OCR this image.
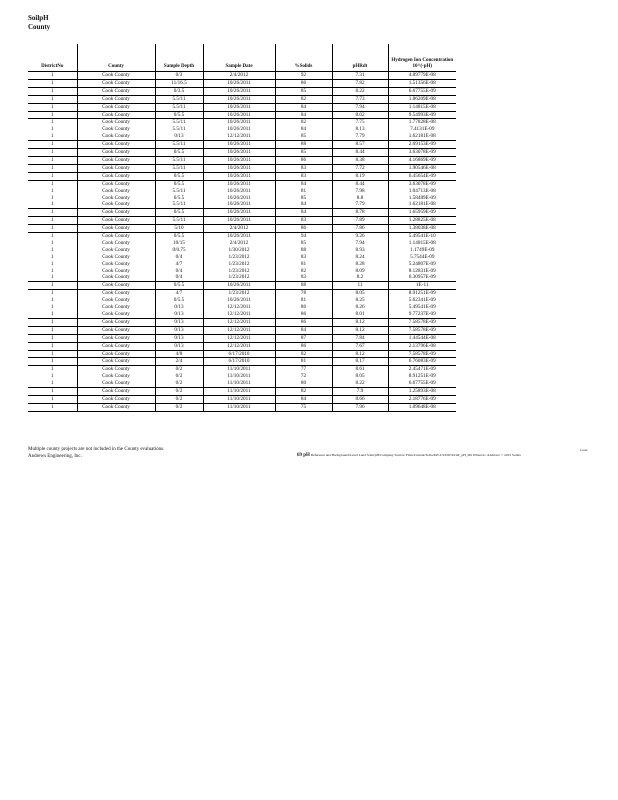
SoilpH
County
DistrictNo	County	Sample Depth	Sample Date	%Solids	pHRdt	Hydrogen Ion Concentration 10^(-pH)
1	Cook County	0/3	2/4/2012	92	7.31	4.89779E-08
1	Cook County	11/16.5	10/26/2011	86	7.82	1.51356E-08
1	Cook County	0/3.5	10/26/2011	85	8.22	6.67755E-09
1	Cook County	5.5/11	10/26/2011	82	7.73	1.86209E-08
1	Cook County	5.5/11	10/26/2011	84	7.94	1.14815E-08
1	Cook County	0/5.5	10/26/2011	84	8.02	9.54993E-09
1	Cook County	5.5/11	10/26/2011	82	7.75	1.77828E-08
1	Cook County	5.5/11	10/26/2011	84	8.13	7.4131E-09
1	Cook County	0/13	12/12/2011	85	7.79	1.62181E-08
1	Cook County	5.5/11	10/26/2011	88	8.57	2.69153E-09
1	Cook County	0/5.5	10/26/2011	85	8.44	3.63078E-09
1	Cook County	5.5/11	10/26/2011	86	8.38	4.16869E-09
1	Cook County	5.5/11	10/26/2011	83	7.72	1.90546E-08
1	Cook County	0/5.5	10/26/2011	83	8.19	6.45654E-09
1	Cook County	0/5.5	10/26/2011	84	8.44	3.63078E-09
1	Cook County	5.5/11	10/26/2011	81	7.98	1.04713E-08
1	Cook County	0/5.5	10/26/2011	85	8.8	1.58489E-09
1	Cook County	5.5/11	10/26/2011	84	7.79	1.62181E-08
1	Cook County	0/5.5	10/26/2011	84	8.78	1.65959E-09
1	Cook County	5.5/11	10/26/2011	83	7.89	1.28825E-08
1	Cook County	5/10	2/4/2012	86	7.86	1.38038E-08
1	Cook County	0/5.5	10/26/2011	94	9.26	5.49541E-10
1	Cook County	10/15	2/4/2012	85	7.94	1.14815E-08
1	Cook County	0/0.75	1/30/2012	88	8.93	1.1749E-09
1	Cook County	0/4	1/23/2012	83	8.24	5.7544E-09
1	Cook County	4/7	1/23/2012	81	8.28	5.24807E-09
1	Cook County	0/4	1/23/2012	82	8.09	8.12831E-09
1	Cook County	0/4	1/23/2012	83	8.2	6.30957E-09
1	Cook County	0/5.5	10/26/2011	88	11	1E-11
1	Cook County	4/7	1/23/2012	78	8.05	8.91251E-09
1	Cook County	0/5.5	10/26/2011	81	8.25	5.62341E-09
1	Cook County	0/13	12/12/2011	86	8.26	5.49541E-09
1	Cook County	0/13	12/12/2011	86	8.01	9.77237E-09
1	Cook County	0/13	12/12/2011	86	8.12	7.58578E-09
1	Cook County	0/13	12/12/2011	84	8.12	7.58578E-09
1	Cook County	0/13	12/12/2011	87	7.84	1.44544E-08
1	Cook County	0/13	12/12/2011	86	7.67	2.13796E-08
1	Cook County	4/8	6/17/2010	82	8.12	7.58578E-09
1	Cook County	2/4	6/17/2010	81	8.17	6.76083E-09
1	Cook County	0/2	11/10/2011	77	8.61	2.45471E-09
1	Cook County	0/2	11/10/2011	72	8.05	8.91251E-09
1	Cook County	0/2	11/10/2011	80	8.22	6.67755E-09
1	Cook County	0/2	11/10/2011	82	7.9	1.25893E-08
1	Cook County	0/2	11/10/2011	84	8.66	2.18776E-09
1	Cook County	0/2	11/10/2011	75	7.96	1.09648E-08
Multiple county projects are not included in the County evaluations.
Andrews Engineering, Inc.
Code
69 pH Reference and Background/Level Land Soils/pH/Company Source: Files/Current/Soils/M/CCS/DW/D/AT_pH_Dtl Winston / Andrews © 2015 Soilex
